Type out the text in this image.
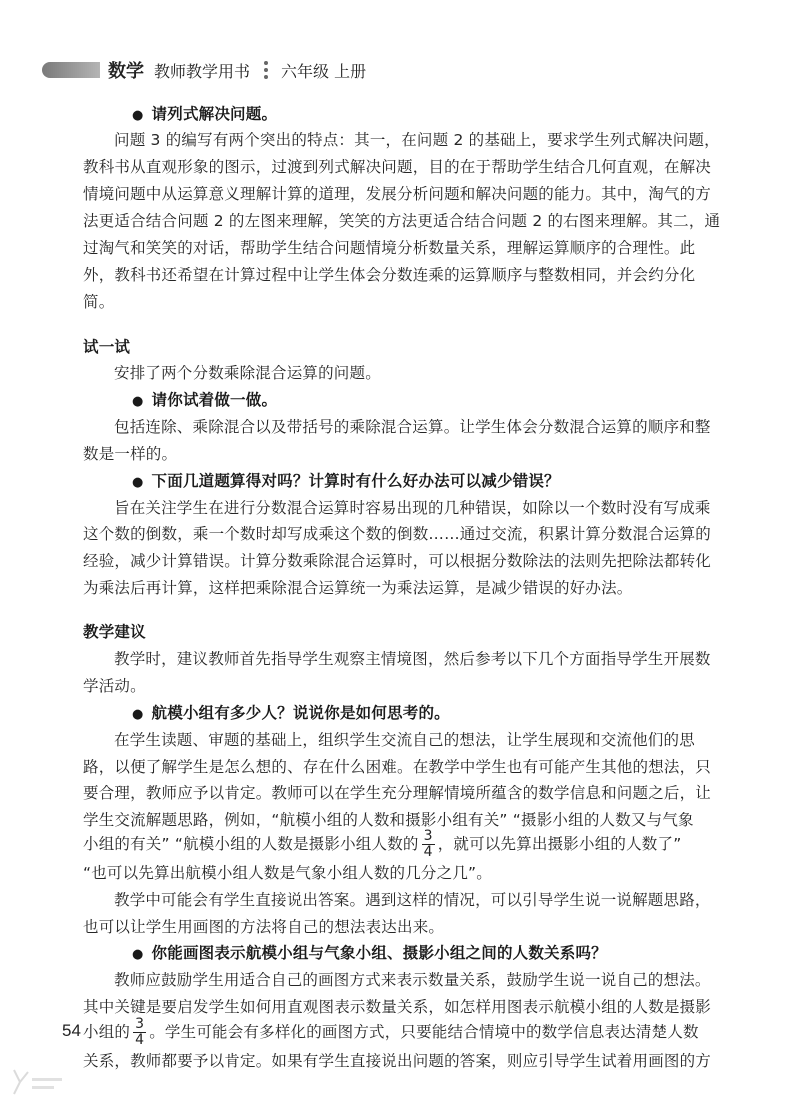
数学 教师教学用书 六年级 上册
● 请列式解决问题。
问题 3 的编写有两个突出的特点：其一，在问题 2 的基础上，要求学生列式解决问题，
教科书从直观形象的图示，过渡到列式解决问题，目的在于帮助学生结合几何直观，在解决
情境问题中从运算意义理解计算的道理，发展分析问题和解决问题的能力。其中，淘气的方
法更适合结合问题 2 的左图来理解，笑笑的方法更适合结合问题 2 的右图来理解。其二，通
过淘气和笑笑的对话，帮助学生结合问题情境分析数量关系，理解运算顺序的合理性。此
外，教科书还希望在计算过程中让学生体会分数连乘的运算顺序与整数相同，并会约分化
简。
试一试
安排了两个分数乘除混合运算的问题。
● 请你试着做一做。
包括连除、乘除混合以及带括号的乘除混合运算。让学生体会分数混合运算的顺序和整
数是一样的。
● 下面几道题算得对吗？计算时有什么好办法可以减少错误？
旨在关注学生在进行分数混合运算时容易出现的几种错误，如除以一个数时没有写成乘
这个数的倒数，乘一个数时却写成乘这个数的倒数……通过交流，积累计算分数混合运算的
经验，减少计算错误。计算分数乘除混合运算时，可以根据分数除法的法则先把除法都转化
为乘法后再计算，这样把乘除混合运算统一为乘法运算，是减少错误的好办法。
教学建议
教学时，建议教师首先指导学生观察主情境图，然后参考以下几个方面指导学生开展数
学活动。
● 航模小组有多少人？说说你是如何思考的。
在学生读题、审题的基础上，组织学生交流自己的想法，让学生展现和交流他们的思
路，以便了解学生是怎么想的、存在什么困难。在教学中学生也有可能产生其他的想法，只
要合理，教师应予以肯定。教师可以在学生充分理解情境所蕴含的数学信息和问题之后，让
学生交流解题思路，例如，“航模小组的人数和摄影小组有关” “摄影小组的人数又与气象
小组的有关” “航模小组的人数是摄影小组人数的 $\frac{3}{4}$ ，就可以先算出摄影小组的人数了”
“也可以先算出航模小组人数是气象小组人数的几分之几”。
教学中可能会有学生直接说出答案。遇到这样的情况，可以引导学生说一说解题思路，
也可以让学生用画图的方法将自己的想法表达出来。
● 你能画图表示航模小组与气象小组、摄影小组之间的人数关系吗？
教师应鼓励学生用适合自己的画图方式来表示数量关系，鼓励学生说一说自己的想法。
其中关键是要启发学生如何用直观图表示数量关系，如怎样用图表示航模小组的人数是摄影
小组的 $\frac{3}{4}$ 。学生可能会有多样化的画图方式，只要能结合情境中的数学信息表达清楚人数
关系，教师都要予以肯定。如果有学生直接说出问题的答案，则应引导学生试着用画图的方
54
